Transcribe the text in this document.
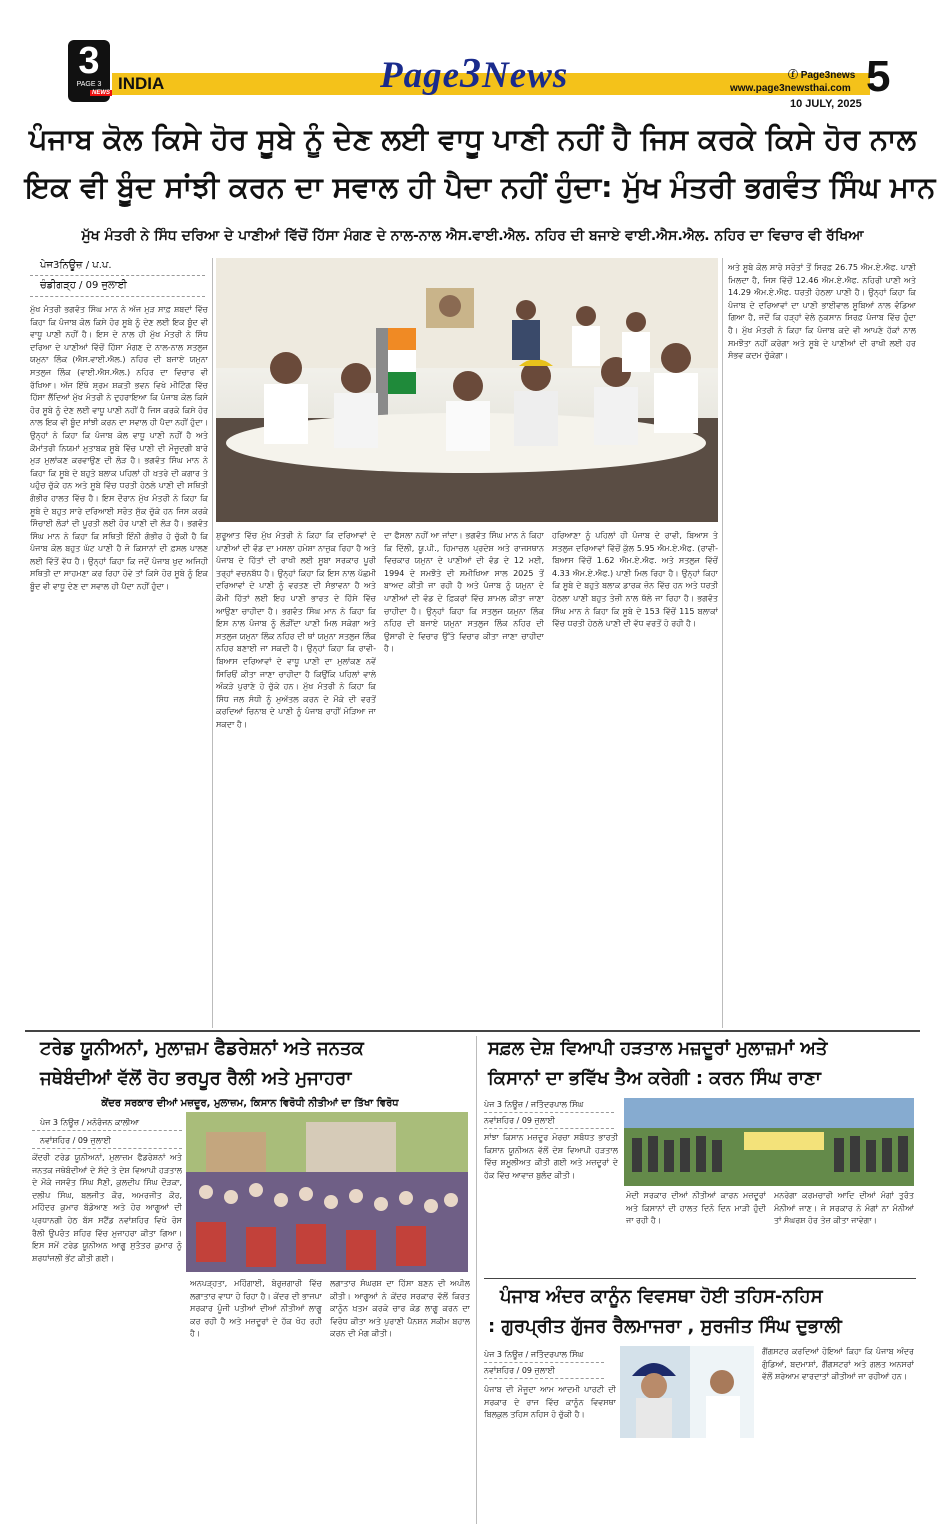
3
PAGE 3
NEWS INDIA	Page3News	ⓕ Page3news
www.page3newsthai.com 5
10 JULY, 2025
ਪੰਜਾਬ ਕੋਲ ਕਿਸੇ ਹੋਰ ਸੂਬੇ ਨੂੰ ਦੇਣ ਲਈ ਵਾਧੂ ਪਾਣੀ ਨਹੀਂ ਹੈ ਜਿਸ ਕਰਕੇ ਕਿਸੇ ਹੋਰ ਨਾਲ
ਇਕ ਵੀ ਬੂੰਦ ਸਾਂਝੀ ਕਰਨ ਦਾ ਸਵਾਲ ਹੀ ਪੈਦਾ ਨਹੀਂ ਹੁੰਦਾ: ਮੁੱਖ ਮੰਤਰੀ ਭਗਵੰਤ ਸਿੰਘ ਮਾਨ
ਮੁੱਖ ਮੰਤਰੀ ਨੇ ਸਿੰਧ ਦਰਿਆ ਦੇ ਪਾਣੀਆਂ ਵਿੱਚੋਂ ਹਿੱਸਾ ਮੰਗਣ ਦੇ ਨਾਲ-ਨਾਲ ਐਸ.ਵਾਈ.ਐਲ. ਨਹਿਰ ਦੀ ਬਜਾਏ ਵਾਈ.ਐਸ.ਐਲ. ਨਹਿਰ ਦਾ ਵਿਚਾਰ ਵੀ ਰੱਖਿਆ
ਪੇਜ3ਨਿਊਜ਼ / ਪ.ਪ.
ਚੰਡੀਗੜ੍ਹ / 09 ਜੁਲਾਈ

ਮੁੱਖ ਮੰਤਰੀ ਭਗਵੰਤ ਸਿੰਘ ਮਾਨ ਨੇ ਅੱਜ ਮੁੜ ਸਾਫ਼ ਸ਼ਬਦਾਂ ਵਿੱਚ ਕਿਹਾ ਕਿ ਪੰਜਾਬ ਕੋਲ ਕਿਸੇ ਹੋਰ ਸੂਬੇ ਨੂੰ ਦੇਣ ਲਈ ਇਕ ਬੂੰਦ ਵੀ ਵਾਧੂ ਪਾਣੀ ਨਹੀਂ ਹੈ। ਇਸ ਦੇ ਨਾਲ ਹੀ ਮੁੱਖ ਮੰਤਰੀ ਨੇ ਸਿੰਧ ਦਰਿਆ ਦੇ ਪਾਣੀਆਂ ਵਿੱਚੋਂ ਹਿੱਸਾ ਮੰਗਣ ਦੇ ਨਾਲ-ਨਾਲ ਸਤਲੁਜ ਯਮੁਨਾ ਲਿੰਕ (ਐਸ.ਵਾਈ.ਐਲ.) ਨਹਿਰ ਦੀ ਬਜਾਏ ਯਮੁਨਾ ਸਤਲੁਜ ਲਿੰਕ (ਵਾਈ.ਐਸ.ਐਲ.) ਨਹਿਰ ਦਾ ਵਿਚਾਰ ਵੀ ਰੱਖਿਆ। ਅੱਜ ਇੱਥੇ ਸ਼੍ਰਮ ਸ਼ਕਤੀ ਭਵਨ ਵਿਖੇ ਮੀਟਿੰਗ ਵਿੱਚ ਹਿੱਸਾ ਲੈਂਦਿਆਂ ਮੁੱਖ ਮੰਤਰੀ ਨੇ ਦੁਹਰਾਇਆ ਕਿ ਪੰਜਾਬ ਕੋਲ ਕਿਸੇ ਹੋਰ ਸੂਬੇ ਨੂੰ ਦੇਣ ਲਈ ਵਾਧੂ ਪਾਣੀ ਨਹੀਂ ਹੈ ਜਿਸ ਕਰਕੇ ਕਿਸੇ ਹੋਰ ਨਾਲ ਇਕ ਵੀ ਬੂੰਦ ਸਾਂਝੀ ਕਰਨ ਦਾ ਸਵਾਲ ਹੀ ਪੈਦਾ ਨਹੀਂ ਹੁੰਦਾ। ਉਨ੍ਹਾਂ ਨੇ ਕਿਹਾ ਕਿ ਪੰਜਾਬ ਕੋਲ ਵਾਧੂ ਪਾਣੀ ਨਹੀਂ ਹੈ ਅਤੇ ਕੌਮਾਂਤਰੀ ਨਿਯਮਾਂ ਮੁਤਾਬਕ ਸੂਬੇ ਵਿੱਚ ਪਾਣੀ ਦੀ ਮੌਜੂਦਗੀ ਬਾਰੇ ਮੁੜ ਮੁਲਾਂਕਣ ਕਰਵਾਉਣ ਦੀ ਲੋੜ ਹੈ। ਭਗਵੰਤ ਸਿੰਘ ਮਾਨ ਨੇ ਕਿਹਾ ਕਿ ਸੂਬੇ ਦੇ ਬਹੁਤੇ ਬਲਾਕ ਪਹਿਲਾਂ ਹੀ ਖ਼ਤਰੇ ਦੀ ਕਗਾਰ ਤੇ ਪਹੁੰਚ ਚੁੱਕੇ ਹਨ ਅਤੇ ਸੂਬੇ ਵਿੱਚ ਧਰਤੀ ਹੇਠਲੇ ਪਾਣੀ ਦੀ ਸਥਿਤੀ ਗੰਭੀਰ ਹਾਲਤ ਵਿੱਚ ਹੈ। ਇਸ ਦੌਰਾਨ ਮੁੱਖ ਮੰਤਰੀ ਨੇ ਕਿਹਾ ਕਿ ਸੂਬੇ ਦੇ ਬਹੁਤ ਸਾਰੇ ਦਰਿਆਈ ਸਰੋਤ ਸੁੱਕ ਚੁੱਕੇ ਹਨ ਜਿਸ ਕਰਕੇ ਸਿੰਚਾਈ ਲੋੜਾਂ ਦੀ ਪੂਰਤੀ ਲਈ ਹੋਰ ਪਾਣੀ ਦੀ ਲੋੜ ਹੈ। ਭਗਵੰਤ ਸਿੰਘ ਮਾਨ ਨੇ ਕਿਹਾ ਕਿ ਸਥਿਤੀ ਇੰਨੀ ਗੰਭੀਰ ਹੋ ਚੁੱਕੀ ਹੈ ਕਿ ਪੰਜਾਬ ਕੋਲ ਬਹੁਤ ਘੱਟ ਪਾਣੀ ਹੈ ਜੋ ਕਿਸਾਨਾਂ ਦੀ ਫ਼ਸਲ ਪਾਲਣ ਲਈ ਵਿੱਤੋਂ ਵੱਧ ਹੈ। ਉਨ੍ਹਾਂ ਕਿਹਾ ਕਿ ਜਦੋਂ ਪੰਜਾਬ ਖੁਦ ਅਜਿਹੀ ਸਥਿਤੀ ਦਾ ਸਾਹਮਣਾ ਕਰ ਰਿਹਾ ਹੋਵੇ ਤਾਂ ਕਿਸੇ ਹੋਰ ਸੂਬੇ ਨੂੰ ਇਕ ਬੂੰਦ ਵੀ ਵਾਧੂ ਦੇਣ ਦਾ ਸਵਾਲ ਹੀ ਪੈਦਾ ਨਹੀਂ ਹੁੰਦਾ।

ਸ਼ੁਰੂਆਤ ਵਿੱਚ ਮੁੱਖ ਮੰਤਰੀ ਨੇ ਕਿਹਾ ਕਿ ਦਰਿਆਵਾਂ ਦੇ ਪਾਣੀਆਂ ਦੀ ਵੰਡ ਦਾ ਮਸਲਾ ਹਮੇਸ਼ਾ ਨਾਜ਼ੁਕ ਰਿਹਾ ਹੈ ਅਤੇ ਪੰਜਾਬ ਦੇ ਹਿੱਤਾਂ ਦੀ ਰਾਖੀ ਲਈ ਸੂਬਾ ਸਰਕਾਰ ਪੂਰੀ ਤਰ੍ਹਾਂ ਵਚਨਬੱਧ ਹੈ। ਉਨ੍ਹਾਂ ਕਿਹਾ ਕਿ ਇਸ ਨਾਲ ਪੱਛਮੀ ਦਰਿਆਵਾਂ ਦੇ ਪਾਣੀ ਨੂੰ ਵਰਤਣ ਦੀ ਸੰਭਾਵਨਾ ਹੈ ਅਤੇ ਕੌਮੀ ਹਿੱਤਾਂ ਲਈ ਇਹ ਪਾਣੀ ਭਾਰਤ ਦੇ ਹਿੱਸੇ ਵਿੱਚ ਆਉਣਾ ਚਾਹੀਦਾ ਹੈ। ਭਗਵੰਤ ਸਿੰਘ ਮਾਨ ਨੇ ਕਿਹਾ ਕਿ ਇਸ ਨਾਲ ਪੰਜਾਬ ਨੂੰ ਲੋੜੀਂਦਾ ਪਾਣੀ ਮਿਲ ਸਕੇਗਾ ਅਤੇ ਸਤਲੁਜ ਯਮੁਨਾ ਲਿੰਕ ਨਹਿਰ ਦੀ ਥਾਂ ਯਮੁਨਾ ਸਤਲੁਜ ਲਿੰਕ ਨਹਿਰ ਬਣਾਈ ਜਾ ਸਕਦੀ ਹੈ। ਉਨ੍ਹਾਂ ਕਿਹਾ ਕਿ ਰਾਵੀ-ਬਿਆਸ ਦਰਿਆਵਾਂ ਦੇ ਵਾਧੂ ਪਾਣੀ ਦਾ ਮੁਲਾਂਕਣ ਨਵੇਂ ਸਿਰਿਓਂ ਕੀਤਾ ਜਾਣਾ ਚਾਹੀਦਾ ਹੈ ਕਿਉਂਕਿ ਪਹਿਲਾਂ ਵਾਲੇ ਅੰਕੜੇ ਪੁਰਾਣੇ ਹੋ ਚੁੱਕੇ ਹਨ। ਮੁੱਖ ਮੰਤਰੀ ਨੇ ਕਿਹਾ ਕਿ ਸਿੰਧ ਜਲ ਸੰਧੀ ਨੂੰ ਮੁਅੱਤਲ ਕਰਨ ਦੇ ਮੌਕੇ ਦੀ ਵਰਤੋਂ ਕਰਦਿਆਂ ਚਿਨਾਬ ਦੇ ਪਾਣੀ ਨੂੰ ਪੰਜਾਬ ਰਾਹੀਂ ਮੋੜਿਆ ਜਾ ਸਕਦਾ ਹੈ।

ਦਾ ਫੈਸਲਾ ਨਹੀਂ ਆ ਜਾਂਦਾ। ਭਗਵੰਤ ਸਿੰਘ ਮਾਨ ਨੇ ਕਿਹਾ ਕਿ ਦਿੱਲੀ, ਯੂ.ਪੀ., ਹਿਮਾਚਲ ਪ੍ਰਦੇਸ਼ ਅਤੇ ਰਾਜਸਥਾਨ ਵਿਚਕਾਰ ਯਮੁਨਾ ਦੇ ਪਾਣੀਆਂ ਦੀ ਵੰਡ ਦੇ 12 ਮਈ, 1994 ਦੇ ਸਮਝੌਤੇ ਦੀ ਸਮੀਖਿਆ ਸਾਲ 2025 ਤੋਂ ਬਾਅਦ ਕੀਤੀ ਜਾ ਰਹੀ ਹੈ ਅਤੇ ਪੰਜਾਬ ਨੂੰ ਯਮੁਨਾ ਦੇ ਪਾਣੀਆਂ ਦੀ ਵੰਡ ਦੇ ਫ਼ਿਕਰਾਂ ਵਿੱਚ ਸ਼ਾਮਲ ਕੀਤਾ ਜਾਣਾ ਚਾਹੀਦਾ ਹੈ। ਉਨ੍ਹਾਂ ਕਿਹਾ ਕਿ ਸਤਲੁਜ ਯਮੁਨਾ ਲਿੰਕ ਨਹਿਰ ਦੀ ਬਜਾਏ ਯਮੁਨਾ ਸਤਲੁਜ ਲਿੰਕ ਨਹਿਰ ਦੀ ਉਸਾਰੀ ਦੇ ਵਿਚਾਰ ਉੱਤੇ ਵਿਚਾਰ ਕੀਤਾ ਜਾਣਾ ਚਾਹੀਦਾ ਹੈ।

ਹਰਿਆਣਾ ਨੂੰ ਪਹਿਲਾਂ ਹੀ ਪੰਜਾਬ ਦੇ ਰਾਵੀ, ਬਿਆਸ ਤੇ ਸਤਲੁਜ ਦਰਿਆਵਾਂ ਵਿੱਚੋਂ ਕੁੱਲ 5.95 ਐਮ.ਏ.ਐਫ. (ਰਾਵੀ-ਬਿਆਸ ਵਿੱਚੋਂ 1.62 ਐਮ.ਏ.ਐਫ. ਅਤੇ ਸਤਲੁਜ ਵਿੱਚੋਂ 4.33 ਐਮ.ਏ.ਐਫ.) ਪਾਣੀ ਮਿਲ ਰਿਹਾ ਹੈ। ਉਨ੍ਹਾਂ ਕਿਹਾ ਕਿ ਸੂਬੇ ਦੇ ਬਹੁਤੇ ਬਲਾਕ ਡਾਰਕ ਜ਼ੋਨ ਵਿੱਚ ਹਨ ਅਤੇ ਧਰਤੀ ਹੇਠਲਾ ਪਾਣੀ ਬਹੁਤ ਤੇਜ਼ੀ ਨਾਲ ਥੱਲੇ ਜਾ ਰਿਹਾ ਹੈ। ਭਗਵੰਤ ਸਿੰਘ ਮਾਨ ਨੇ ਕਿਹਾ ਕਿ ਸੂਬੇ ਦੇ 153 ਵਿੱਚੋਂ 115 ਬਲਾਕਾਂ ਵਿੱਚ ਧਰਤੀ ਹੇਠਲੇ ਪਾਣੀ ਦੀ ਵੱਧ ਵਰਤੋਂ ਹੋ ਰਹੀ ਹੈ।

ਅਤੇ ਸੂਬੇ ਕੋਲ ਸਾਰੇ ਸਰੋਤਾਂ ਤੋਂ ਸਿਰਫ਼ 26.75 ਐਮ.ਏ.ਐਫ. ਪਾਣੀ ਮਿਲਦਾ ਹੈ, ਜਿਸ ਵਿੱਚੋਂ 12.46 ਐਮ.ਏ.ਐਫ. ਨਹਿਰੀ ਪਾਣੀ ਅਤੇ 14.29 ਐਮ.ਏ.ਐਫ. ਧਰਤੀ ਹੇਠਲਾ ਪਾਣੀ ਹੈ। ਉਨ੍ਹਾਂ ਕਿਹਾ ਕਿ ਪੰਜਾਬ ਦੇ ਦਰਿਆਵਾਂ ਦਾ ਪਾਣੀ ਭਾਈਵਾਲ ਸੂਬਿਆਂ ਨਾਲ ਵੰਡਿਆ ਗਿਆ ਹੈ, ਜਦੋਂ ਕਿ ਹੜ੍ਹਾਂ ਵੇਲੇ ਨੁਕਸਾਨ ਸਿਰਫ਼ ਪੰਜਾਬ ਵਿੱਚ ਹੁੰਦਾ ਹੈ। ਮੁੱਖ ਮੰਤਰੀ ਨੇ ਕਿਹਾ ਕਿ ਪੰਜਾਬ ਕਦੇ ਵੀ ਆਪਣੇ ਹੱਕਾਂ ਨਾਲ ਸਮਝੌਤਾ ਨਹੀਂ ਕਰੇਗਾ ਅਤੇ ਸੂਬੇ ਦੇ ਪਾਣੀਆਂ ਦੀ ਰਾਖੀ ਲਈ ਹਰ ਸੰਭਵ ਕਦਮ ਚੁੱਕੇਗਾ।

ਟਰੇਡ ਯੂਨੀਅਨਾਂ, ਮੁਲਾਜ਼ਮ ਫੈਡਰੇਸ਼ਨਾਂ ਅਤੇ ਜਨਤਕ
ਜਥੇਬੰਦੀਆਂ ਵੱਲੋਂ ਰੋਹ ਭਰਪੂਰ ਰੈਲੀ ਅਤੇ ਮੁਜਾਹਰਾ
ਕੇਂਦਰ ਸਰਕਾਰ ਦੀਆਂ ਮਜ਼ਦੂਰ, ਮੁਲਾਜ਼ਮ, ਕਿਸਾਨ ਵਿਰੋਧੀ ਨੀਤੀਆਂ ਦਾ ਤਿੱਖਾ ਵਿਰੋਧ
ਪੇਜ 3 ਨਿਊਜ਼ / ਮਨੋਰੰਜਨ ਕਾਲੀਆ
ਨਵਾਂਸ਼ਹਿਰ / 09 ਜੁਲਾਈ

ਕੇਂਦਰੀ ਟਰੇਡ ਯੂਨੀਅਨਾਂ, ਮੁਲਾਜ਼ਮ ਫੈਡਰੇਸ਼ਨਾਂ ਅਤੇ ਜਨਤਕ ਜਥੇਬੰਦੀਆਂ ਦੇ ਸੱਦੇ ਤੇ ਦੇਸ਼ ਵਿਆਪੀ ਹੜਤਾਲ ਦੇ ਮੌਕੇ ਜਸਵੰਤ ਸਿੰਘ ਸੈਣੀ, ਕੁਲਦੀਪ ਸਿੰਘ ਦੌੜਕਾ, ਦਲੀਪ ਸਿੰਘ, ਬਲਜੀਤ ਕੌਰ, ਅਮਰਜੀਤ ਕੌਰ, ਮਹਿੰਦਰ ਕੁਮਾਰ ਬੱਡੋਆਣ ਅਤੇ ਹੋਰ ਆਗੂਆਂ ਦੀ ਪ੍ਰਧਾਨਗੀ ਹੇਠ ਬੱਸ ਸਟੈਂਡ ਨਵਾਂਸ਼ਹਿਰ ਵਿਖੇ ਰੋਸ ਰੈਲੀ ਉਪਰੰਤ ਸ਼ਹਿਰ ਵਿੱਚ ਮੁਜਾਹਰਾ ਕੀਤਾ ਗਿਆ। ਇਸ ਸਮੇਂ ਟਰੇਡ ਯੂਨੀਅਨ ਆਗੂ ਸੁਤੰਤਰ ਕੁਮਾਰ ਨੂੰ ਸ਼ਰਧਾਂਜਲੀ ਭੇਂਟ ਕੀਤੀ ਗਈ।

ਅਨਪੜ੍ਹਤਾ, ਮਹਿੰਗਾਈ, ਬੇਰੁਜ਼ਗਾਰੀ ਵਿੱਚ ਲਗਾਤਾਰ ਵਾਧਾ ਹੋ ਰਿਹਾ ਹੈ। ਕੇਂਦਰ ਦੀ ਭਾਜਪਾ ਸਰਕਾਰ ਪੂੰਜੀ ਪਤੀਆਂ ਦੀਆਂ ਨੀਤੀਆਂ ਲਾਗੂ ਕਰ ਰਹੀ ਹੈ ਅਤੇ ਮਜ਼ਦੂਰਾਂ ਦੇ ਹੱਕ ਖੋਹ ਰਹੀ ਹੈ।

ਲਗਾਤਾਰ ਸੰਘਰਸ਼ ਦਾ ਹਿੱਸਾ ਬਣਨ ਦੀ ਅਪੀਲ ਕੀਤੀ। ਆਗੂਆਂ ਨੇ ਕੇਂਦਰ ਸਰਕਾਰ ਵੱਲੋਂ ਕਿਰਤ ਕਾਨੂੰਨ ਖ਼ਤਮ ਕਰਕੇ ਚਾਰ ਕੋਡ ਲਾਗੂ ਕਰਨ ਦਾ ਵਿਰੋਧ ਕੀਤਾ ਅਤੇ ਪੁਰਾਣੀ ਪੈਨਸ਼ਨ ਸਕੀਮ ਬਹਾਲ ਕਰਨ ਦੀ ਮੰਗ ਕੀਤੀ।

ਸਫ਼ਲ ਦੇਸ਼ ਵਿਆਪੀ ਹੜਤਾਲ ਮਜ਼ਦੂਰਾਂ ਮੁਲਾਜ਼ਮਾਂ ਅਤੇ
ਕਿਸਾਨਾਂ ਦਾ ਭਵਿੱਖ ਤੈਅ ਕਰੇਗੀ : ਕਰਨ ਸਿੰਘ ਰਾਣਾ
ਪੇਜ 3 ਨਿਊਜ਼ / ਜਤਿੰਦਰਪਾਲ ਸਿੰਘ
ਨਵਾਂਸ਼ਹਿਰ / 09 ਜੁਲਾਈ

ਸਾਂਝਾ ਕਿਸਾਨ ਮਜ਼ਦੂਰ ਮੋਰਚਾ ਸਬੰਧਤ ਭਾਰਤੀ ਕਿਸਾਨ ਯੂਨੀਅਨ ਵੱਲੋਂ ਦੇਸ਼ ਵਿਆਪੀ ਹੜਤਾਲ ਵਿੱਚ ਸ਼ਮੂਲੀਅਤ ਕੀਤੀ ਗਈ ਅਤੇ ਮਜ਼ਦੂਰਾਂ ਦੇ ਹੱਕ ਵਿੱਚ ਆਵਾਜ਼ ਬੁਲੰਦ ਕੀਤੀ।

ਮੋਦੀ ਸਰਕਾਰ ਦੀਆਂ ਨੀਤੀਆਂ ਕਾਰਨ ਮਜ਼ਦੂਰਾਂ ਅਤੇ ਕਿਸਾਨਾਂ ਦੀ ਹਾਲਤ ਦਿਨੋ ਦਿਨ ਮਾੜੀ ਹੁੰਦੀ ਜਾ ਰਹੀ ਹੈ।

ਮਨਰੇਗਾ ਕਰਮਚਾਰੀ ਆਦਿ ਦੀਆਂ ਮੰਗਾਂ ਤੁਰੰਤ ਮੰਨੀਆਂ ਜਾਣ। ਜੇ ਸਰਕਾਰ ਨੇ ਮੰਗਾਂ ਨਾ ਮੰਨੀਆਂ ਤਾਂ ਸੰਘਰਸ਼ ਹੋਰ ਤੇਜ਼ ਕੀਤਾ ਜਾਵੇਗਾ।

ਪੰਜਾਬ ਅੰਦਰ ਕਾਨੂੰਨ ਵਿਵਸਥਾ ਹੋਈ ਤਹਿਸ-ਨਹਿਸ
: ਗੁਰਪ੍ਰੀਤ ਗੁੱਜਰ ਰੈਲਮਾਜਰਾ , ਸੁਰਜੀਤ ਸਿੰਘ ਦੁਭਾਲੀ
ਪੇਜ 3 ਨਿਊਜ਼ / ਜਤਿੰਦਰਪਾਲ ਸਿੰਘ
ਨਵਾਂਸ਼ਹਿਰ / 09 ਜੁਲਾਈ

ਪੰਜਾਬ ਦੀ ਮੌਜੂਦਾ ਆਮ ਆਦਮੀ ਪਾਰਟੀ ਦੀ ਸਰਕਾਰ ਦੇ ਰਾਜ ਵਿੱਚ ਕਾਨੂੰਨ ਵਿਵਸਥਾ ਬਿਲਕੁਲ ਤਹਿਸ ਨਹਿਸ ਹੋ ਚੁੱਕੀ ਹੈ।

ਗੈਂਗਸਟਰ ਕਰਦਿਆਂ ਹੋਇਆਂ ਕਿਹਾ ਕਿ ਪੰਜਾਬ ਅੰਦਰ ਗੁੰਡਿਆਂ, ਬਦਮਾਸ਼ਾਂ, ਗੈਂਗਸਟਰਾਂ ਅਤੇ ਗਲਤ ਅਨਸਰਾਂ ਵੱਲੋਂ ਸ਼ਰੇਆਮ ਵਾਰਦਾਤਾਂ ਕੀਤੀਆਂ ਜਾ ਰਹੀਆਂ ਹਨ।
